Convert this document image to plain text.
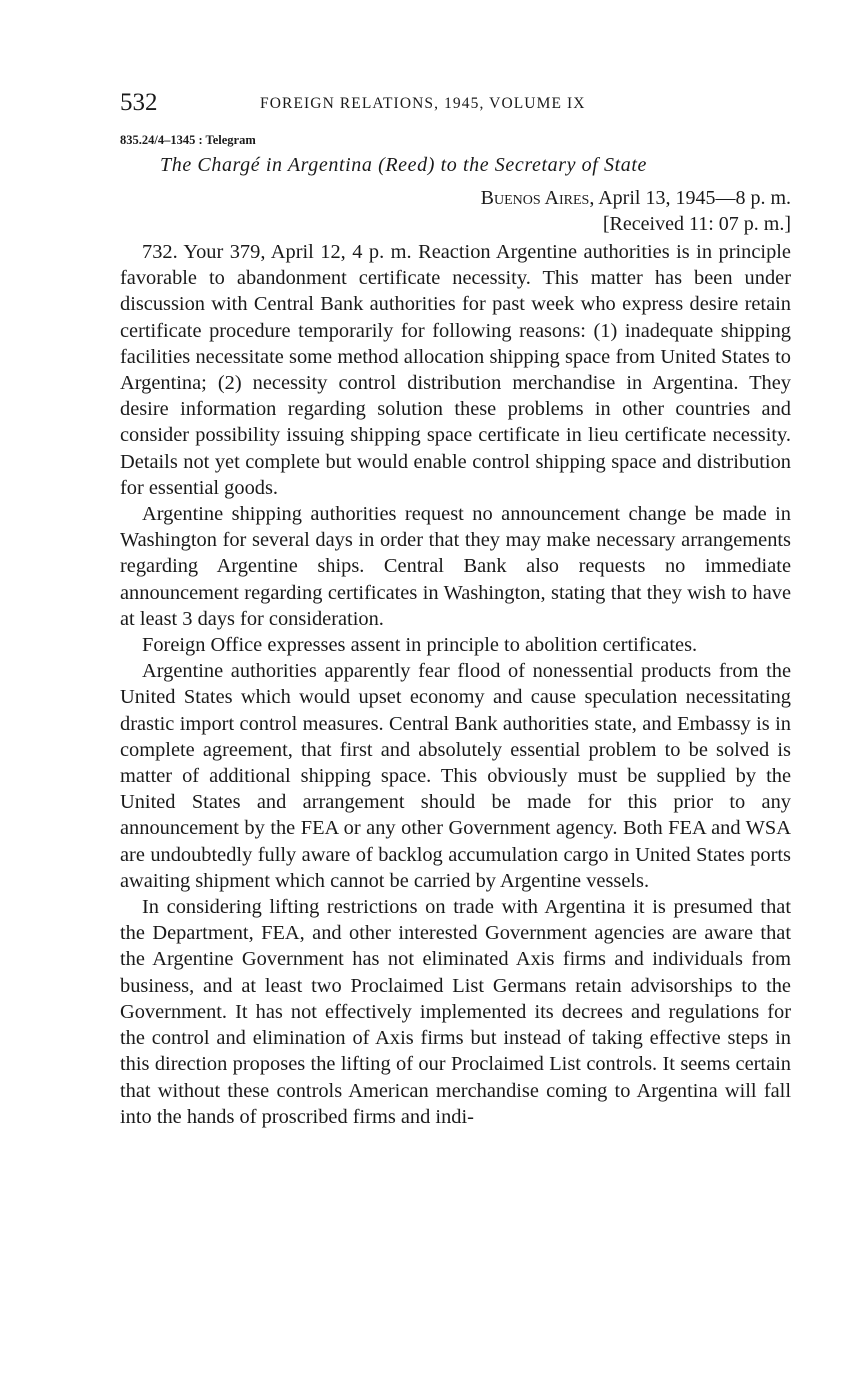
532	FOREIGN RELATIONS, 1945, VOLUME IX
835.24/4–1345 : Telegram
The Chargé in Argentina (Reed) to the Secretary of State
Buenos Aires, April 13, 1945—8 p. m.
[Received 11: 07 p. m.]

732. Your 379, April 12, 4 p. m. Reaction Argentine authorities is in principle favorable to abandonment certificate necessity. This matter has been under discussion with Central Bank authorities for past week who express desire retain certificate procedure temporarily for following reasons: (1) inadequate shipping facilities necessitate some method allocation shipping space from United States to Argentina; (2) necessity control distribution merchandise in Argentina. They desire information regarding solution these problems in other countries and consider possibility issuing shipping space certificate in lieu certificate necessity. Details not yet complete but would enable control shipping space and distribution for essential goods.

Argentine shipping authorities request no announcement change be made in Washington for several days in order that they may make necessary arrangements regarding Argentine ships. Central Bank also requests no immediate announcement regarding certificates in Washington, stating that they wish to have at least 3 days for consideration.

Foreign Office expresses assent in principle to abolition certificates.

Argentine authorities apparently fear flood of nonessential products from the United States which would upset economy and cause speculation necessitating drastic import control measures. Central Bank authorities state, and Embassy is in complete agreement, that first and absolutely essential problem to be solved is matter of additional shipping space. This obviously must be supplied by the United States and arrangement should be made for this prior to any announcement by the FEA or any other Government agency. Both FEA and WSA are undoubtedly fully aware of backlog accumulation cargo in United States ports awaiting shipment which cannot be carried by Argentine vessels.

In considering lifting restrictions on trade with Argentina it is presumed that the Department, FEA, and other interested Government agencies are aware that the Argentine Government has not eliminated Axis firms and individuals from business, and at least two Proclaimed List Germans retain advisorships to the Government. It has not effectively implemented its decrees and regulations for the control and elimination of Axis firms but instead of taking effective steps in this direction proposes the lifting of our Proclaimed List controls. It seems certain that without these controls American merchandise coming to Argentina will fall into the hands of proscribed firms and indi-
